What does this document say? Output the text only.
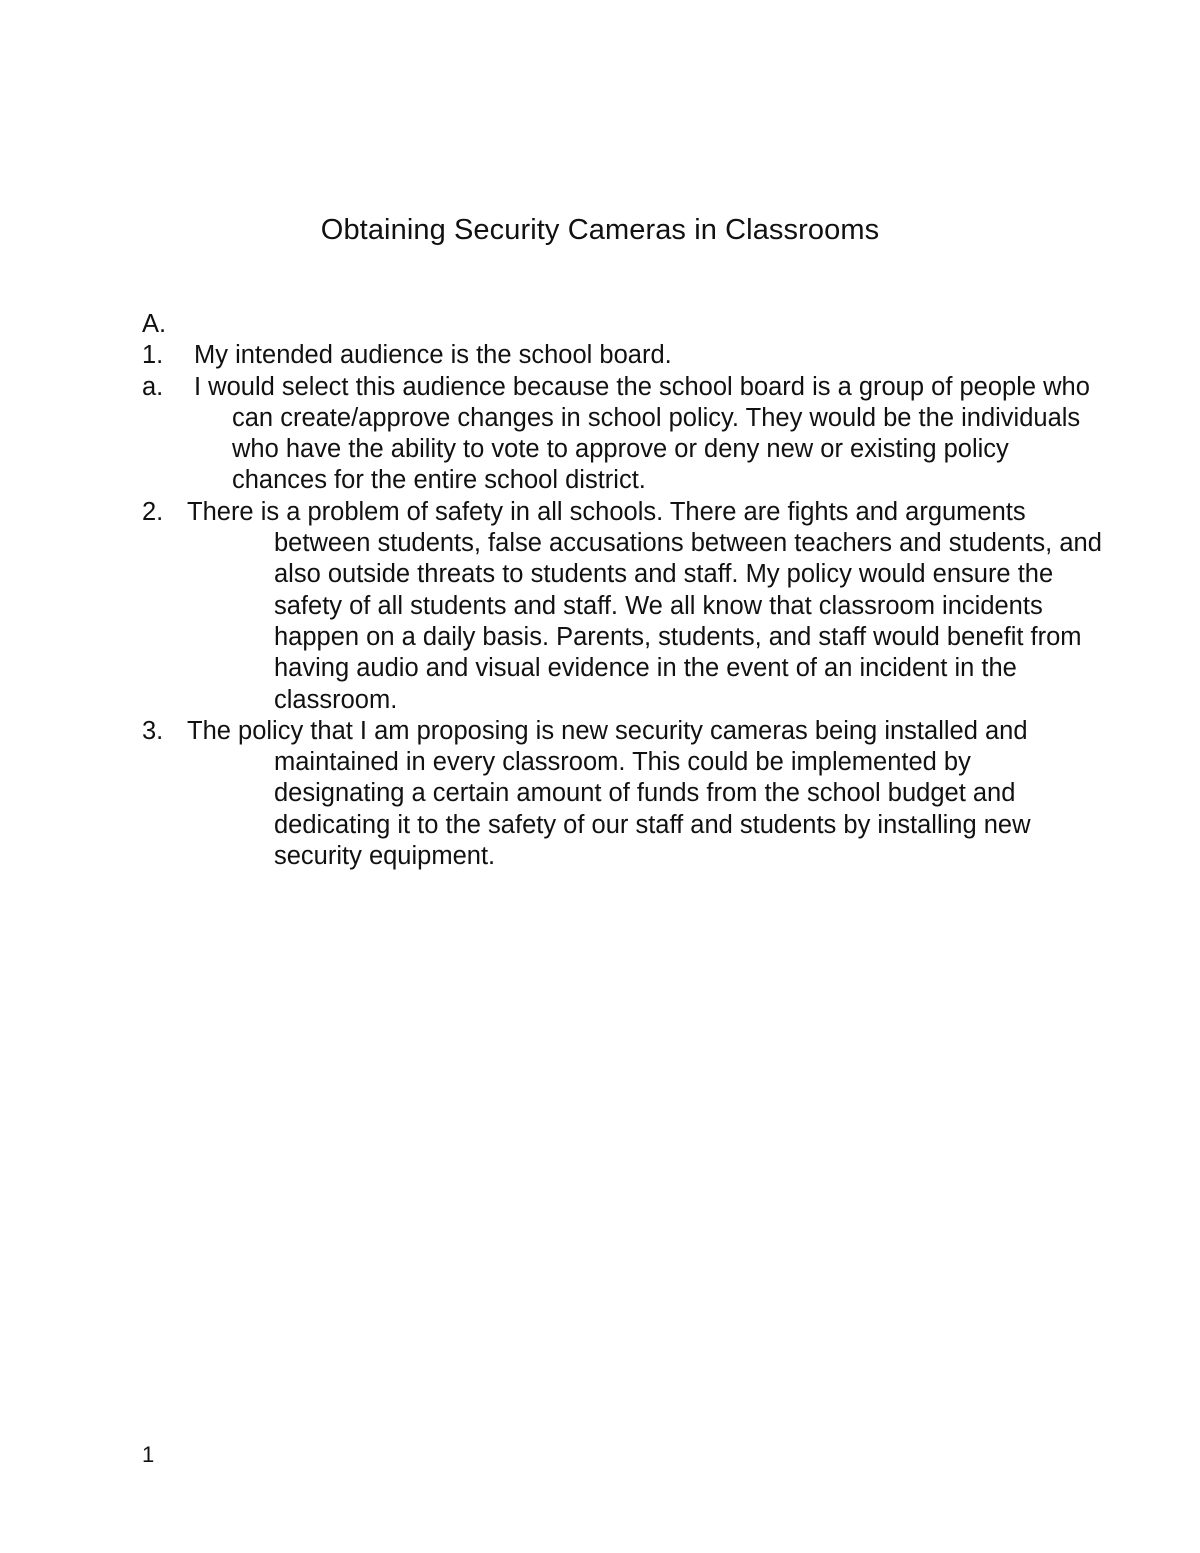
Obtaining Security Cameras in Classrooms

A.

1.	My intended audience is the school board.
a.	I would select this audience because the school board is a group of people who can create/approve changes in school policy. They would be the individuals who have the ability to vote to approve or deny new or existing policy chances for the entire school district.
2. There is a problem of safety in all schools. There are fights and arguments between students, false accusations between teachers and students, and also outside threats to students and staff. My policy would ensure the safety of all students and staff. We all know that classroom incidents happen on a daily basis. Parents, students, and staff would benefit from having audio and visual evidence in the event of an incident in the classroom.
3. The policy that I am proposing is new security cameras being installed and maintained in every classroom. This could be implemented by designating a certain amount of funds from the school budget and dedicating it to the safety of our staff and students by installing new security equipment.
1
